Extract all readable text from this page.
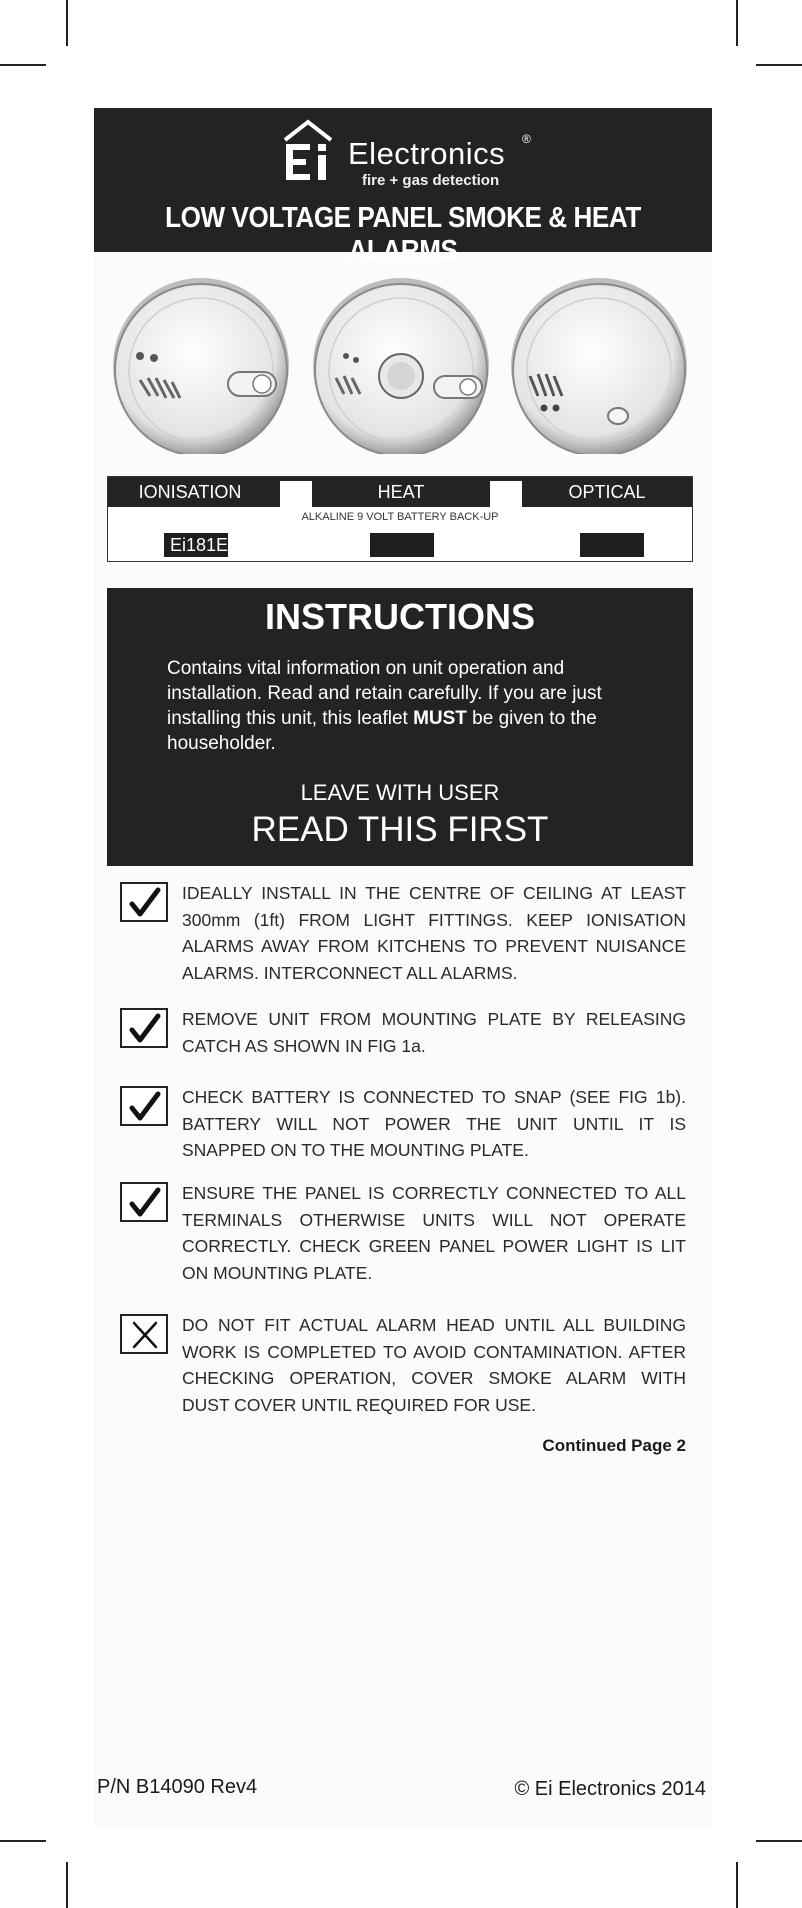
Electronics ®
fire + gas detection
LOW VOLTAGE PANEL SMOKE & HEAT ALARMS
IONISATION	HEAT	OPTICAL
ALKALINE 9 VOLT BATTERY BACK-UP
Ei181E
INSTRUCTIONS
Contains vital information on unit operation and installation. Read and retain carefully. If you are just installing this unit, this leaflet MUST be given to the householder.
LEAVE WITH USER
READ THIS FIRST
IDEALLY INSTALL IN THE CENTRE OF CEILING AT LEAST 300mm (1ft) FROM LIGHT FITTINGS. KEEP IONISATION ALARMS AWAY FROM KITCHENS TO PREVENT NUISANCE ALARMS. INTERCONNECT ALL ALARMS.
REMOVE UNIT FROM MOUNTING PLATE BY RELEASING CATCH AS SHOWN IN FIG 1a.
CHECK BATTERY IS CONNECTED TO SNAP (SEE FIG 1b). BATTERY WILL NOT POWER THE UNIT UNTIL IT IS SNAPPED ON TO THE MOUNTING PLATE.
ENSURE THE PANEL IS CORRECTLY CONNECTED TO ALL TERMINALS OTHERWISE UNITS WILL NOT OPERATE CORRECTLY. CHECK GREEN PANEL POWER LIGHT IS LIT ON MOUNTING PLATE.
DO NOT FIT ACTUAL ALARM HEAD UNTIL ALL BUILDING WORK IS COMPLETED TO AVOID CONTAMINATION. AFTER CHECKING OPERATION, COVER SMOKE ALARM WITH DUST COVER UNTIL REQUIRED FOR USE.
Continued Page 2
P/N B14090 Rev4	© Ei Electronics 2014
